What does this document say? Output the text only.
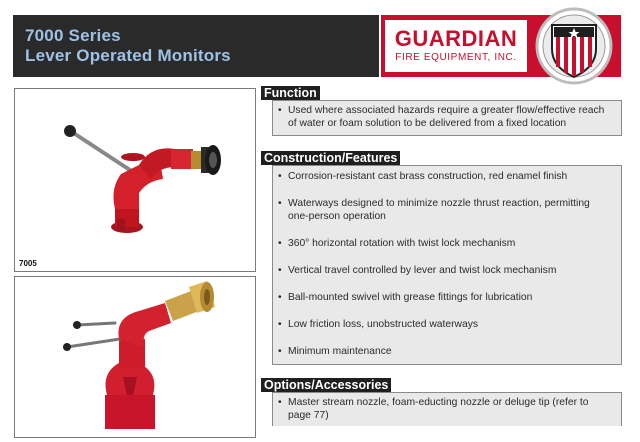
7000 Series
Lever Operated Monitors
GUARDIAN
FIRE EQUIPMENT, INC.
7005
Function
• Used where associated hazards require a greater flow/effective reach of water or foam solution to be delivered from a fixed location
Construction/Features
• Corrosion-resistant cast brass construction, red enamel finish
• Waterways designed to minimize nozzle thrust reaction, permitting one-person operation
• 360° horizontal rotation with twist lock mechanism
• Vertical travel controlled by lever and twist lock mechanism
• Ball-mounted swivel with grease fittings for lubrication
• Low friction loss, unobstructed waterways
• Minimum maintenance
Options/Accessories
• Master stream nozzle, foam-educting nozzle or deluge tip (refer to page 77)
